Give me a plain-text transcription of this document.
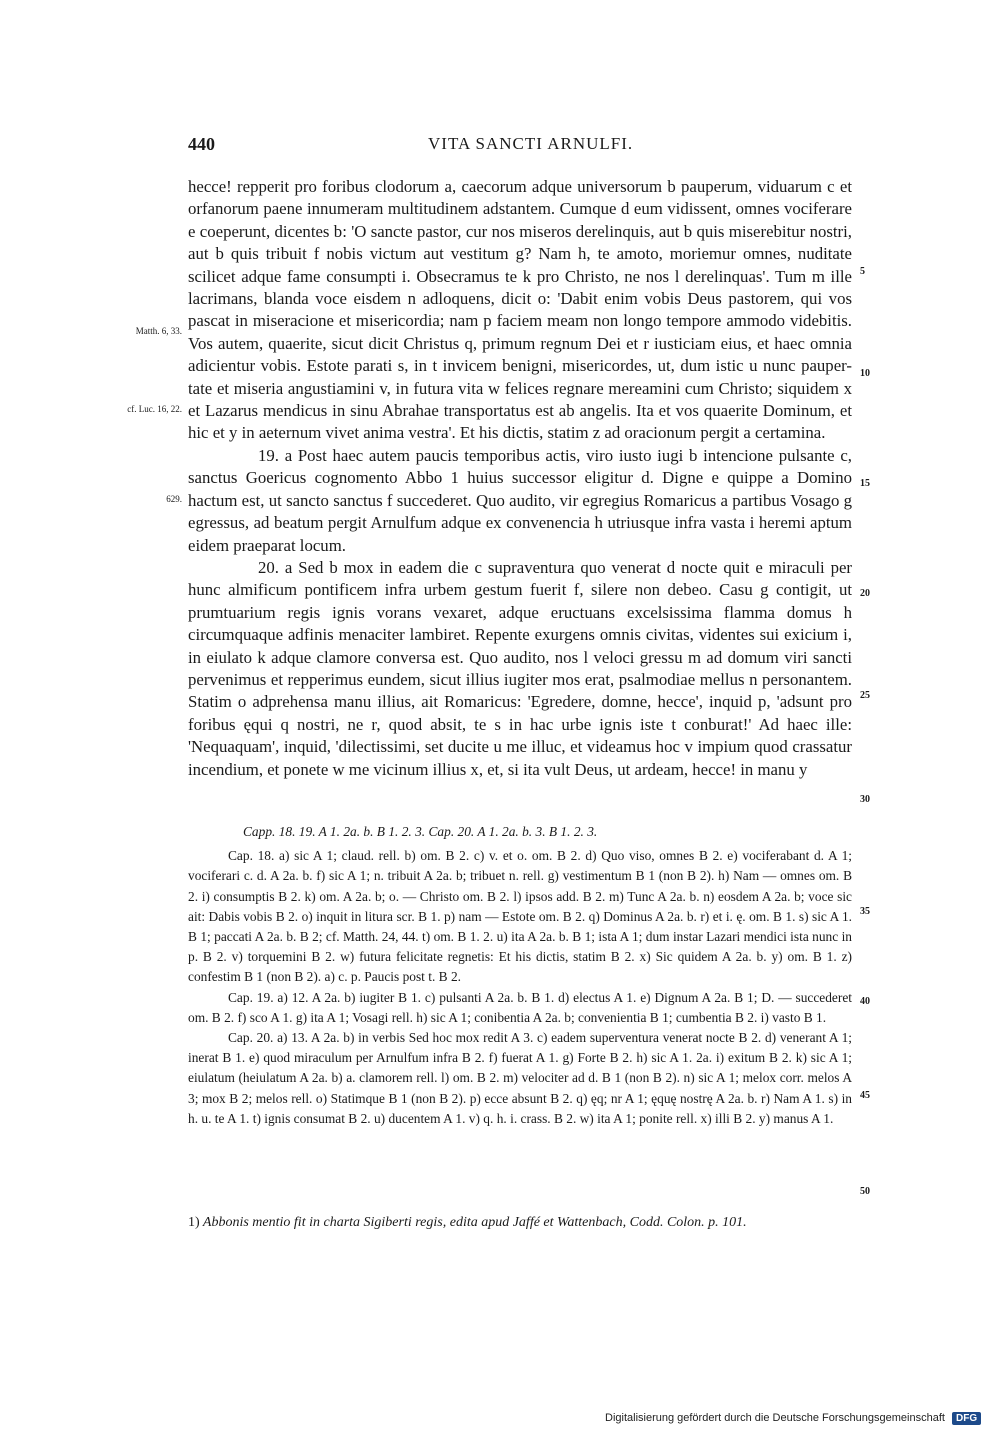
440	VITA SANCTI ARNULFI.
Matth. 6, 33.
cf. Luc. 16, 22.
629.

hecce! repperit pro foribus clodorum a, caecorum adque universorum b pauperum, viduarum c et orfanorum paene innumeram multitudinem adstantem. Cumque d eum vidissent, omnes vociferare e coeperunt, dicentes b: 'O sancte pastor, cur nos miseros derelinquis, aut b quis miserebitur nostri, aut b quis tribuit f nobis victum aut vestitum g? Nam h, te amoto, moriemur omnes, nuditate scilicet adque fame consumpti i. Obsecramus te k pro Christo, ne nos l derelinquas'. Tum m ille lacrimans, blanda voce eisdem n adloquens, dicit o: 'Dabit enim vobis Deus pastorem, qui vos pascat in miseracione et misericordia; nam p faciem meam non longo tempore ammodo videbitis. Vos autem, quaerite, sicut dicit Christus q, primum regnum Dei et r iusticiam eius, et haec omnia adicientur vobis. Estote parati s, in t invicem benigni, misericordes, ut, dum istic u nunc pauper-tate et miseria angustiamini v, in futura vita w felices regnare mereamini cum Christo; siquidem x et Lazarus mendicus in sinu Abrahae transportatus est ab angelis. Ita et vos quaerite Dominum, et hic et y in aeternum vivet anima vestra'. Et his dictis, statim z ad oracionum pergit a certamina.

19. a Post haec autem paucis temporibus actis, viro iusto iugi b intencione pulsante c, sanctus Goericus cognomento Abbo 1 huius successor eligitur d. Digne e quippe a Domino hactum est, ut sancto sanctus f succederet. Quo audito, vir egregius Romaricus a partibus Vosago g egressus, ad beatum pergit Arnulfum adque ex convenencia h utriusque infra vasta i heremi aptum eidem praeparat locum.

20. a Sed b mox in eadem die c supraventura quo venerat d nocte quit e miraculi per hunc almificum pontificem infra urbem gestum fuerit f, silere non debeo. Casu g contigit, ut prumtuarium regis ignis vorans vexaret, adque eructuans excelsissima flamma domus h circumquaque adfinis menaciter lambiret. Repente exurgens omnis civitas, videntes sui exicium i, in eiulato k adque clamore conversa est. Quo audito, nos l veloci gressu m ad domum viri sancti pervenimus et repperimus eundem, sicut illius iugiter mos erat, psalmodiae mellus n personantem. Statim o adprehensa manu illius, ait Romaricus: 'Egredere, domne, hecce', inquid p, 'adsunt pro foribus ęqui q nostri, ne r, quod absit, te s in hac urbe ignis iste t conburat!' Ad haec ille: 'Nequaquam', inquid, 'dilectissimi, set ducite u me illuc, et videamus hoc v impium quod crassatur incendium, et ponete w me vicinum illius x, et, si ita vult Deus, ut ardeam, hecce! in manu y

5
10
15
20
25
30
35
40
45
50

Capp. 18. 19. A 1. 2a. b. B 1. 2. 3. Cap. 20. A 1. 2a. b. 3. B 1. 2. 3.

Cap. 18. a) sic A 1; claud. rell. b) om. B 2. c) v. et o. om. B 2. d) Quo viso, omnes B 2. e) vociferabant d. A 1; vociferari c. d. A 2a. b. f) sic A 1; n. tribuit A 2a. b; tribuet n. rell. g) vestimentum B 1 (non B 2). h) Nam — omnes om. B 2. i) consumptis B 2. k) om. A 2a. b; o. — Christo om. B 2. l) ipsos add. B 2. m) Tunc A 2a. b. n) eosdem A 2a. b; voce sic ait: Dabis vobis B 2. o) inquit in litura scr. B 1. p) nam — Estote om. B 2. q) Dominus A 2a. b. r) et i. ę. om. B 1. s) sic A 1. B 1; paccati A 2a. b. B 2; cf. Matth. 24, 44. t) om. B 1. 2. u) ita A 2a. b. B 1; ista A 1; dum instar Lazari mendici ista nunc in p. B 2. v) torquemini B 2. w) futura felicitate regnetis: Et his dictis, statim B 2. x) Sic quidem A 2a. b. y) om. B 1. z) confestim B 1 (non B 2). a) c. p. Paucis post t. B 2.

Cap. 19. a) 12. A 2a. b) iugiter B 1. c) pulsanti A 2a. b. B 1. d) electus A 1. e) Dignum A 2a. B 1; D. — succederet om. B 2. f) sco A 1. g) ita A 1; Vosagi rell. h) sic A 1; conibentia A 2a. b; convenientia B 1; cumbentia B 2. i) vasto B 1.

Cap. 20. a) 13. A 2a. b) in verbis Sed hoc mox redit A 3. c) eadem superventura venerat nocte B 2. d) venerant A 1; inerat B 1. e) quod miraculum per Arnulfum infra B 2. f) fuerat A 1. g) Forte B 2. h) sic A 1. 2a. i) exitum B 2. k) sic A 1; eiulatum (heiulatum A 2a. b) a. clamorem rell. l) om. B 2. m) velociter ad d. B 1 (non B 2). n) sic A 1; melox corr. melos A 3; mox B 2; melos rell. o) Statimque B 1 (non B 2). p) ecce absunt B 2. q) ęq; nr A 1; ęquę nostrę A 2a. b. r) Nam A 1. s) in h. u. te A 1. t) ignis consumat B 2. u) ducentem A 1. v) q. h. i. crass. B 2. w) ita A 1; ponite rell. x) illi B 2. y) manus A 1.

1) Abbonis mentio fit in charta Sigiberti regis, edita apud Jaffé et Wattenbach, Codd. Colon. p. 101.
Digitalisierung gefördert durch die Deutsche Forschungsgemeinschaft DFG
